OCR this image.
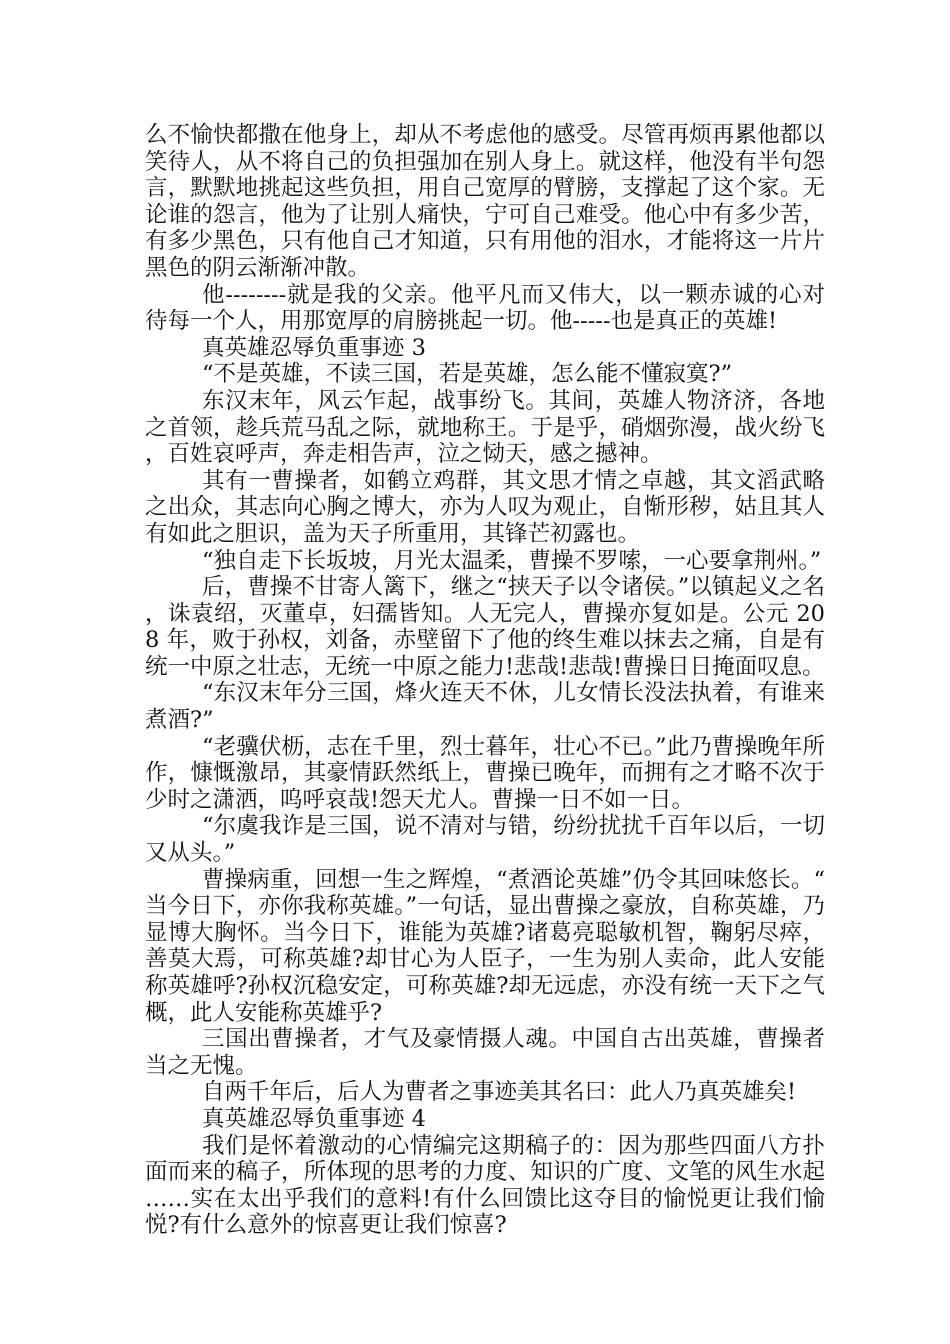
么不愉快都撒在他身上，却从不考虑他的感受。尽管再烦再累他都以笑待人，从不将自己的负担强加在别人身上。就这样，他没有半句怨言，默默地挑起这些负担，用自己宽厚的臂膀，支撑起了这个家。无论谁的怨言，他为了让别人痛快，宁可自己难受。他心中有多少苦，有多少黑色，只有他自己才知道，只有用他的泪水，才能将这一片片黑色的阴云渐渐冲散。

他--------就是我的父亲。他平凡而又伟大，以一颗赤诚的心对待每一个人，用那宽厚的肩膀挑起一切。他-----也是真正的英雄!

真英雄忍辱负重事迹 3

“不是英雄，不读三国，若是英雄，怎么能不懂寂寞?”

东汉末年，风云乍起，战事纷飞。其间，英雄人物济济，各地之首领，趁兵荒马乱之际，就地称王。于是乎，硝烟弥漫，战火纷飞，百姓哀呼声，奔走相告声，泣之恸天，感之撼神。

其有一曹操者，如鹤立鸡群，其文思才情之卓越，其文滔武略之出众，其志向心胸之博大，亦为人叹为观止，自惭形秽，姑且其人有如此之胆识，盖为天子所重用，其锋芒初露也。

“独自走下长坂坡，月光太温柔，曹操不罗嗦，一心要拿荆州。”

后，曹操不甘寄人篱下，继之“挟天子以令诸侯。”以镇起义之名，诛袁绍，灭董卓，妇孺皆知。人无完人，曹操亦复如是。公元 208 年，败于孙权，刘备，赤壁留下了他的终生难以抹去之痛，自是有统一中原之壮志，无统一中原之能力!悲哉!悲哉!曹操日日掩面叹息。

“东汉末年分三国，烽火连天不休，儿女情长没法执着，有谁来煮酒?”

“老骥伏枥，志在千里，烈士暮年，壮心不已。”此乃曹操晚年所作，慷慨激昂，其豪情跃然纸上，曹操已晚年，而拥有之才略不次于少时之潇洒，呜呼哀哉!怨天尤人。曹操一日不如一日。

“尔虞我诈是三国，说不清对与错，纷纷扰扰千百年以后，一切又从头。”

曹操病重，回想一生之辉煌，“煮酒论英雄”仍令其回味悠长。“当今日下，亦你我称英雄。”一句话，显出曹操之豪放，自称英雄，乃显博大胸怀。当今日下，谁能为英雄?诸葛亮聪敏机智，鞠躬尽瘁，善莫大焉，可称英雄?却甘心为人臣子，一生为别人卖命，此人安能称英雄呼?孙权沉稳安定，可称英雄?却无远虑，亦没有统一天下之气概，此人安能称英雄乎?

三国出曹操者，才气及豪情摄人魂。中国自古出英雄，曹操者当之无愧。

自两千年后，后人为曹者之事迹美其名曰：此人乃真英雄矣!

真英雄忍辱负重事迹 4

我们是怀着激动的心情编完这期稿子的：因为那些四面八方扑面而来的稿子，所体现的思考的力度、知识的广度、文笔的风生水起……实在太出乎我们的意料!有什么回馈比这夺目的愉悦更让我们愉悦?有什么意外的惊喜更让我们惊喜?
